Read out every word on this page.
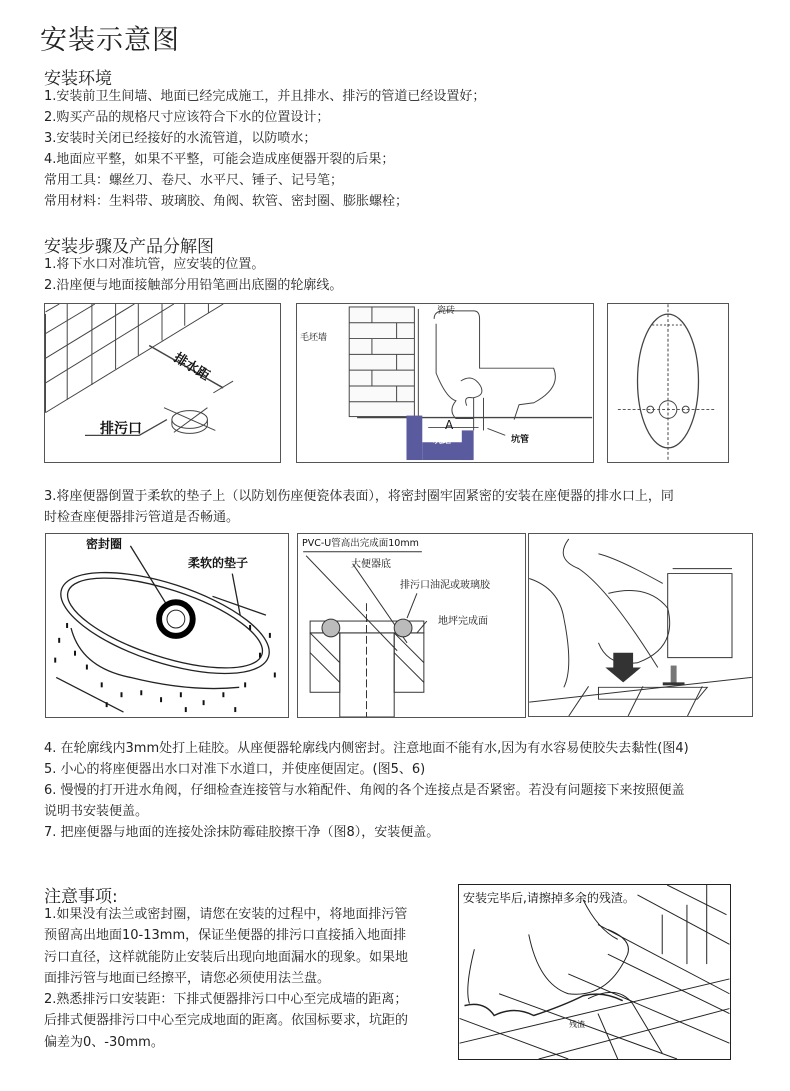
安装示意图
安装环境
1.安装前卫生间墙、地面已经完成施工，并且排水、排污的管道已经设置好；
2.购买产品的规格尺寸应该符合下水的位置设计；
3.安装时关闭已经接好的水流管道，以防喷水；
4.地面应平整，如果不平整，可能会造成座便器开裂的后果；
常用工具：螺丝刀、卷尺、水平尺、锤子、记号笔；
常用材料：生料带、玻璃胶、角阀、软管、密封圈、膨胀螺栓；
安装步骤及产品分解图
1.将下水口对准坑管，应安装的位置。
2.沿座便与地面接触部分用铅笔画出底圈的轮廓线。
排水距
排污口
毛坯墙
瓷砖
A
坑距	坑管
3.将座便器倒置于柔软的垫子上（以防划伤座便瓷体表面），将密封圈牢固紧密的安装在座便器的排水口上，同
时检查座便器排污管道是否畅通。
密封圈
柔软的垫子
PVC-U管高出完成面10mm
大便器底
排污口油泥或玻璃胶
地坪完成面
4. 在轮廓线内3mm处打上硅胶。从座便器轮廓线内侧密封。注意地面不能有水,因为有水容易使胶失去黏性(图4)
5. 小心的将座便器出水口对准下水道口，并使座便固定。(图5、6)
6. 慢慢的打开进水角阀，仔细检查连接管与水箱配件、角阀的各个连接点是否紧密。若没有问题接下来按照便盖
说明书安装便盖。
7. 把座便器与地面的连接处涂抹防霉硅胶擦干净（图8），安装便盖。
注意事项:
1.如果没有法兰或密封圈，请您在安装的过程中，将地面排污管
预留高出地面10-13mm，保证坐便器的排污口直接插入地面排
污口直径，这样就能防止安装后出现向地面漏水的现象。如果地
面排污管与地面已经擦平，请您必须使用法兰盘。
2.熟悉排污口安装距：下排式便器排污口中心至完成墙的距离；
后排式便器排污口中心至完成地面的距离。依国标要求，坑距的
偏差为0、-30mm。
安装完毕后,请擦掉多余的残渣。
残渣
